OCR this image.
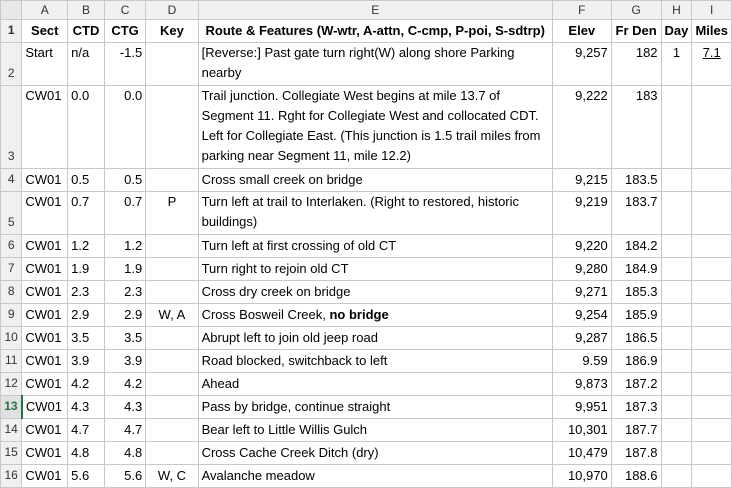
	A	B	C	D	E	F	G	H	I
1	Sect	CTD	CTG	Key	Route & Features (W-wtr, A-attn, C-cmp, P-poi, S-sdtrp)	Elev	Fr Den	Day	Miles
2	Start	n/a	-1.5		[Reverse:] Past gate turn right(W) along shore Parking nearby	9,257	182	1	7.1
3	CW01	0.0	0.0		Trail junction. Collegiate West begins at mile 13.7 of Segment 11. Rght for Collegiate West and collocated CDT. Left for Collegiate East. (This junction is 1.5 trail miles from parking near Segment 11, mile 12.2)	9,222	183		
4	CW01	0.5	0.5		Cross small creek on bridge	9,215	183.5		
5	CW01	0.7	0.7	P	Turn left at trail to Interlaken. (Right to restored, historic buildings)	9,219	183.7		
6	CW01	1.2	1.2		Turn left at first crossing of old CT	9,220	184.2		
7	CW01	1.9	1.9		Turn right to rejoin old CT	9,280	184.9		
8	CW01	2.3	2.3		Cross dry creek on bridge	9,271	185.3		
9	CW01	2.9	2.9	W, A	Cross Bosweil Creek, no bridge	9,254	185.9		
10	CW01	3.5	3.5		Abrupt left to join old jeep road	9,287	186.5		
11	CW01	3.9	3.9		Road blocked, switchback to left	9.59	186.9		
12	CW01	4.2	4.2		Ahead	9,873	187.2		
13	CW01	4.3	4.3		Pass by bridge, continue straight	9,951	187.3		
14	CW01	4.7	4.7		Bear left to Little Willis Gulch	10,301	187.7		
15	CW01	4.8	4.8		Cross Cache Creek Ditch (dry)	10,479	187.8		
16	CW01	5.6	5.6	W, C	Avalanche meadow	10,970	188.6		
